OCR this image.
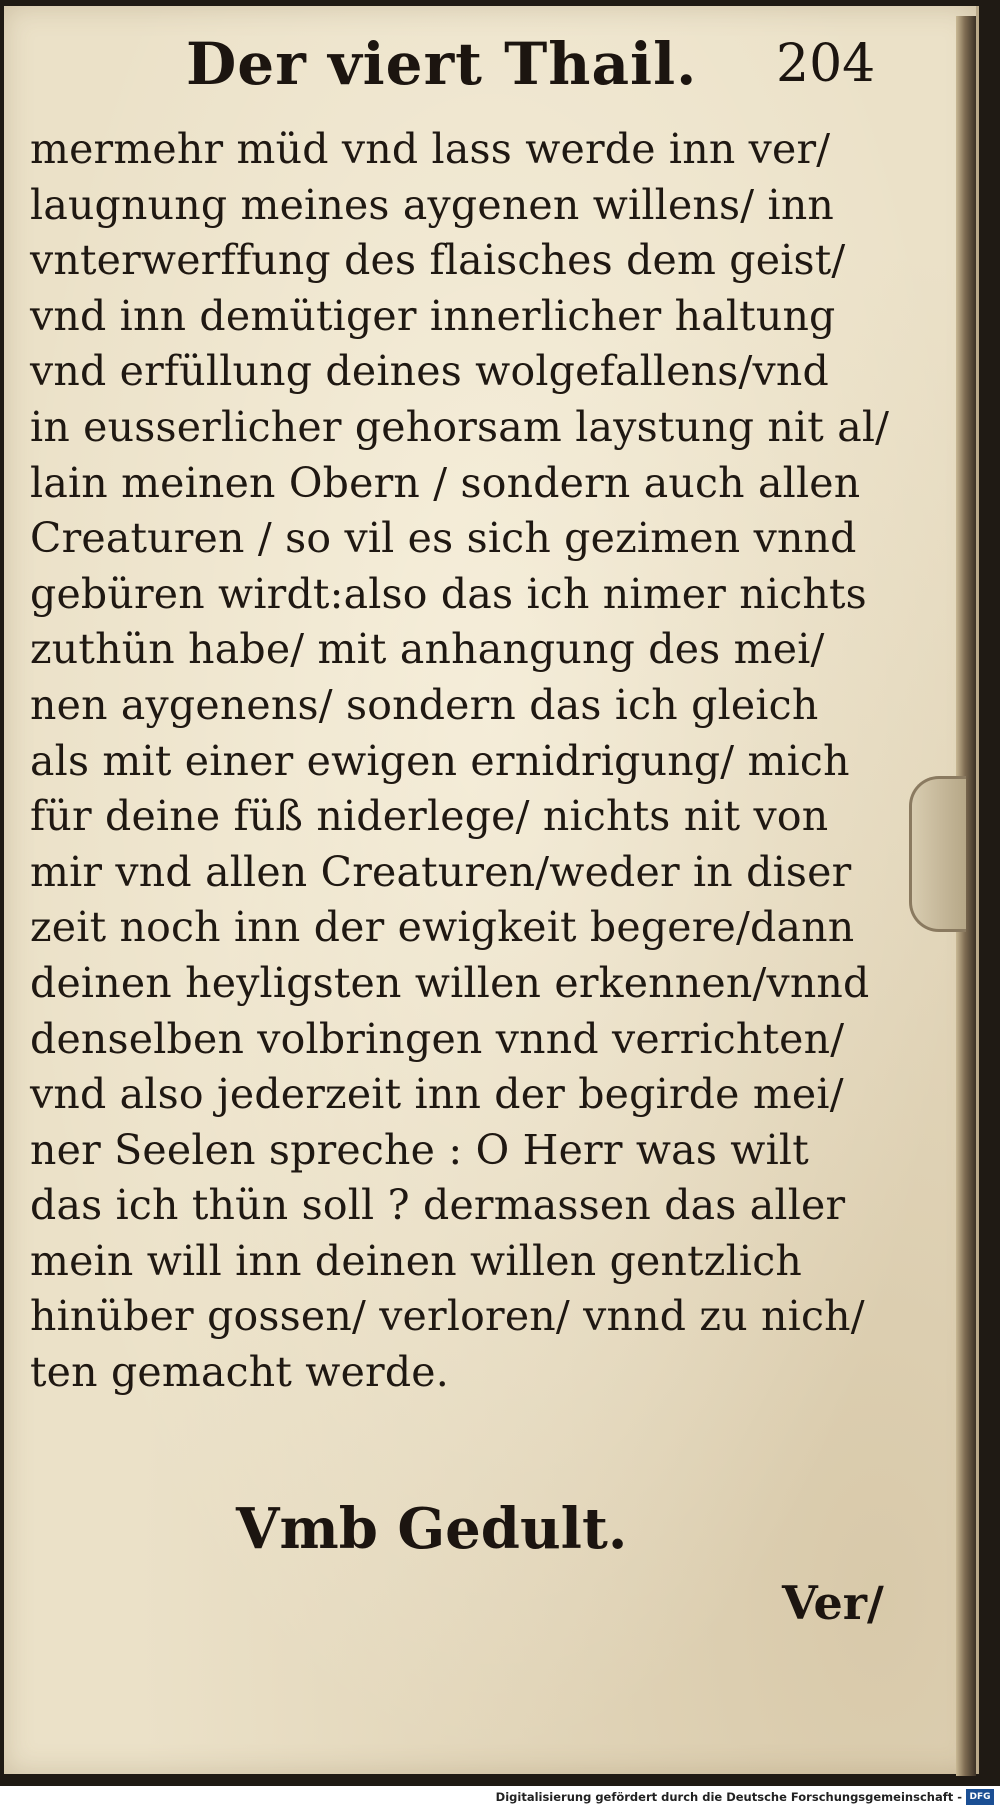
Der viert Thail. 204
mermehr müd vnd lass werde inn ver/
laugnung meines aygenen willens/ inn
vnterwerffung des flaisches dem geist/
vnd inn demütiger innerlicher haltung
vnd erfüllung deines wolgefallens/vnd
in eusserlicher gehorsam laystung nit al/
lain meinen Obern / sondern auch allen
Creaturen / so vil es sich gezimen vnnd
gebüren wirdt:also das ich nimer nichts
zuthün habe/ mit anhangung des mei/
nen aygenens/ sondern das ich gleich
als mit einer ewigen ernidrigung/ mich
für deine füß niderlege/ nichts nit von
mir vnd allen Creaturen/weder in diser
zeit noch inn der ewigkeit begere/dann
deinen heyligsten willen erkennen/vnnd
denselben volbringen vnnd verrichten/
vnd also jederzeit inn der begirde mei/
ner Seelen spreche : O Herr was wilt
das ich thün soll ? dermassen das aller
mein will inn deinen willen gentzlich
hinüber gossen/ verloren/ vnnd zu nich/
ten gemacht werde.
Vmb Gedult.
Ver/
Digitalisierung gefördert durch die Deutsche Forschungsgemeinschaft - DFG
